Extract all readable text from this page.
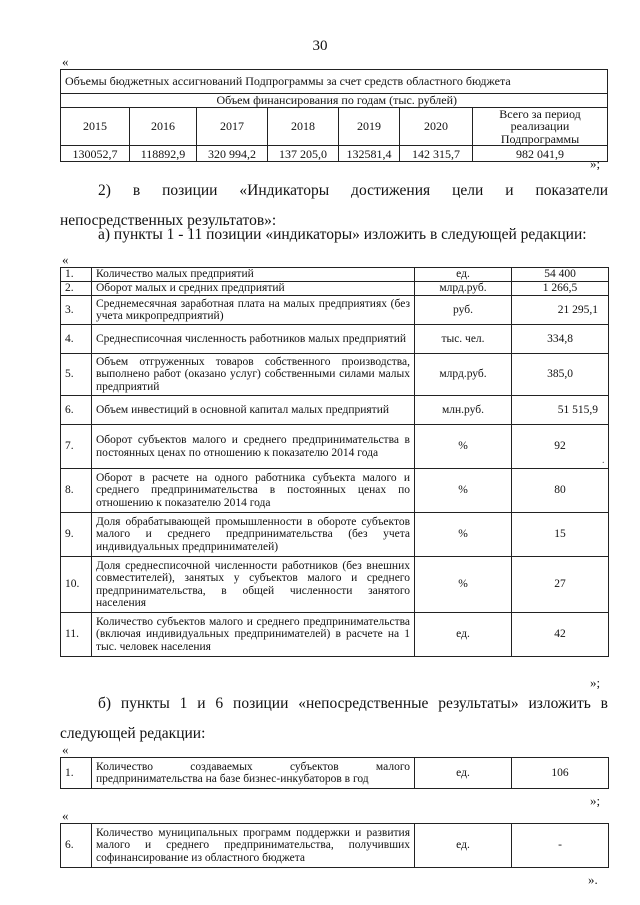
30
«
Объемы бюджетных ассигнований Подпрограммы за счет средств областного бюджета						
Объем финансирования по годам (тыс. рублей)						
2015	2016	2017	2018	2019	2020	Всего за период реализации Подпрограммы
130052,7	118892,9	320 994,2	137 205,0	132581,4	142 315,7	982 041,9
»;
2) в позиции «Индикаторы достижения цели и показатели непосредственных результатов»:
а) пункты 1 - 11 позиции «индикаторы» изложить в следующей редакции:
«
1.	Количество малых предприятий	ед.	54 400
2.	Оборот малых и средних предприятий	млрд.руб.	1 266,5
3.	Среднемесячная заработная плата на малых предприятиях (без учета микропредприятий)	руб.	21 295,1
4.	Среднесписочная численность работников малых предприятий	тыс. чел.	334,8
5.	Объем отгруженных товаров собственного производства, выполнено работ (оказано услуг) собственными силами малых предприятий	млрд.руб.	385,0
6.	Объем инвестиций в основной капитал малых предприятий	млн.руб.	51 515,9
7.	Оборот субъектов малого и среднего предпринимательства в постоянных ценах по отношению к показателю 2014 года	%	92
8.	Оборот в расчете на одного работника субъекта малого и среднего предпринимательства в постоянных ценах по отношению к показателю 2014 года	%	80
9.	Доля обрабатывающей промышленности в обороте субъектов малого и среднего предпринимательства (без учета индивидуальных предпринимателей)	%	15
10.	Доля среднесписочной численности работников (без внешних совместителей), занятых у субъектов малого и среднего предпринимательства, в общей численности занятого населения	%	27
11.	Количество субъектов малого и среднего предпринимательства (включая индивидуальных предпринимателей) в расчете на 1 тыс. человек населения	ед.	42
»;
б) пункты 1 и 6 позиции «непосредственные результаты» изложить в следующей редакции:
«
1.	Количество создаваемых субъектов малого предпринимательства на базе бизнес-инкубаторов в год	ед.	106
»;
«
6.	Количество муниципальных программ поддержки и развития малого и среднего предпринимательства, получивших софинансирование из областного бюджета	ед.	-
».
.
